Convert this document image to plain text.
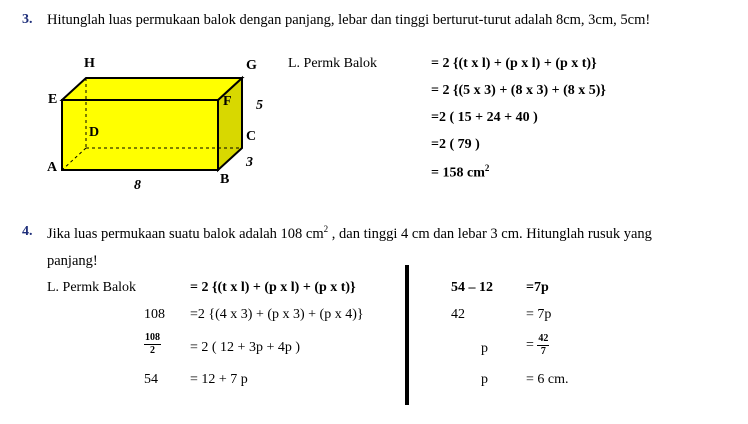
3. Hitunglah luas permukaan balok dengan panjang, lebar dan tinggi berturut-turut adalah 8cm, 3cm, 5cm!
H	G
E	F
D	C
A
B
5
3
8
L. Permk Balok	= 2 {(t x l) + (p x l) + (p x t)}
= 2 {(5 x 3) + (8 x 3) + (8 x 5)}
=2 ( 15 + 24 + 40 )
=2 ( 79 )
= 158 $cm^2$
4. Jika luas permukaan suatu balok adalah 108 $cm^2$ , dan tinggi 4 cm dan lebar 3 cm. Hitunglah rusuk yang
panjang!
L. Permk Balok	= 2 {(t x l) + (p x l) + (p x t)}
108 =2 {(4 x 3) + (p x 3) + (p x 4)}
$\frac{108}{2} = 2$ ( 12 + 3p + 4p )
54 = 12 + 7 p
54 – 12 =7p
42	= 7p
p	= $\frac{42}{7}$
p	= 6 cm.
